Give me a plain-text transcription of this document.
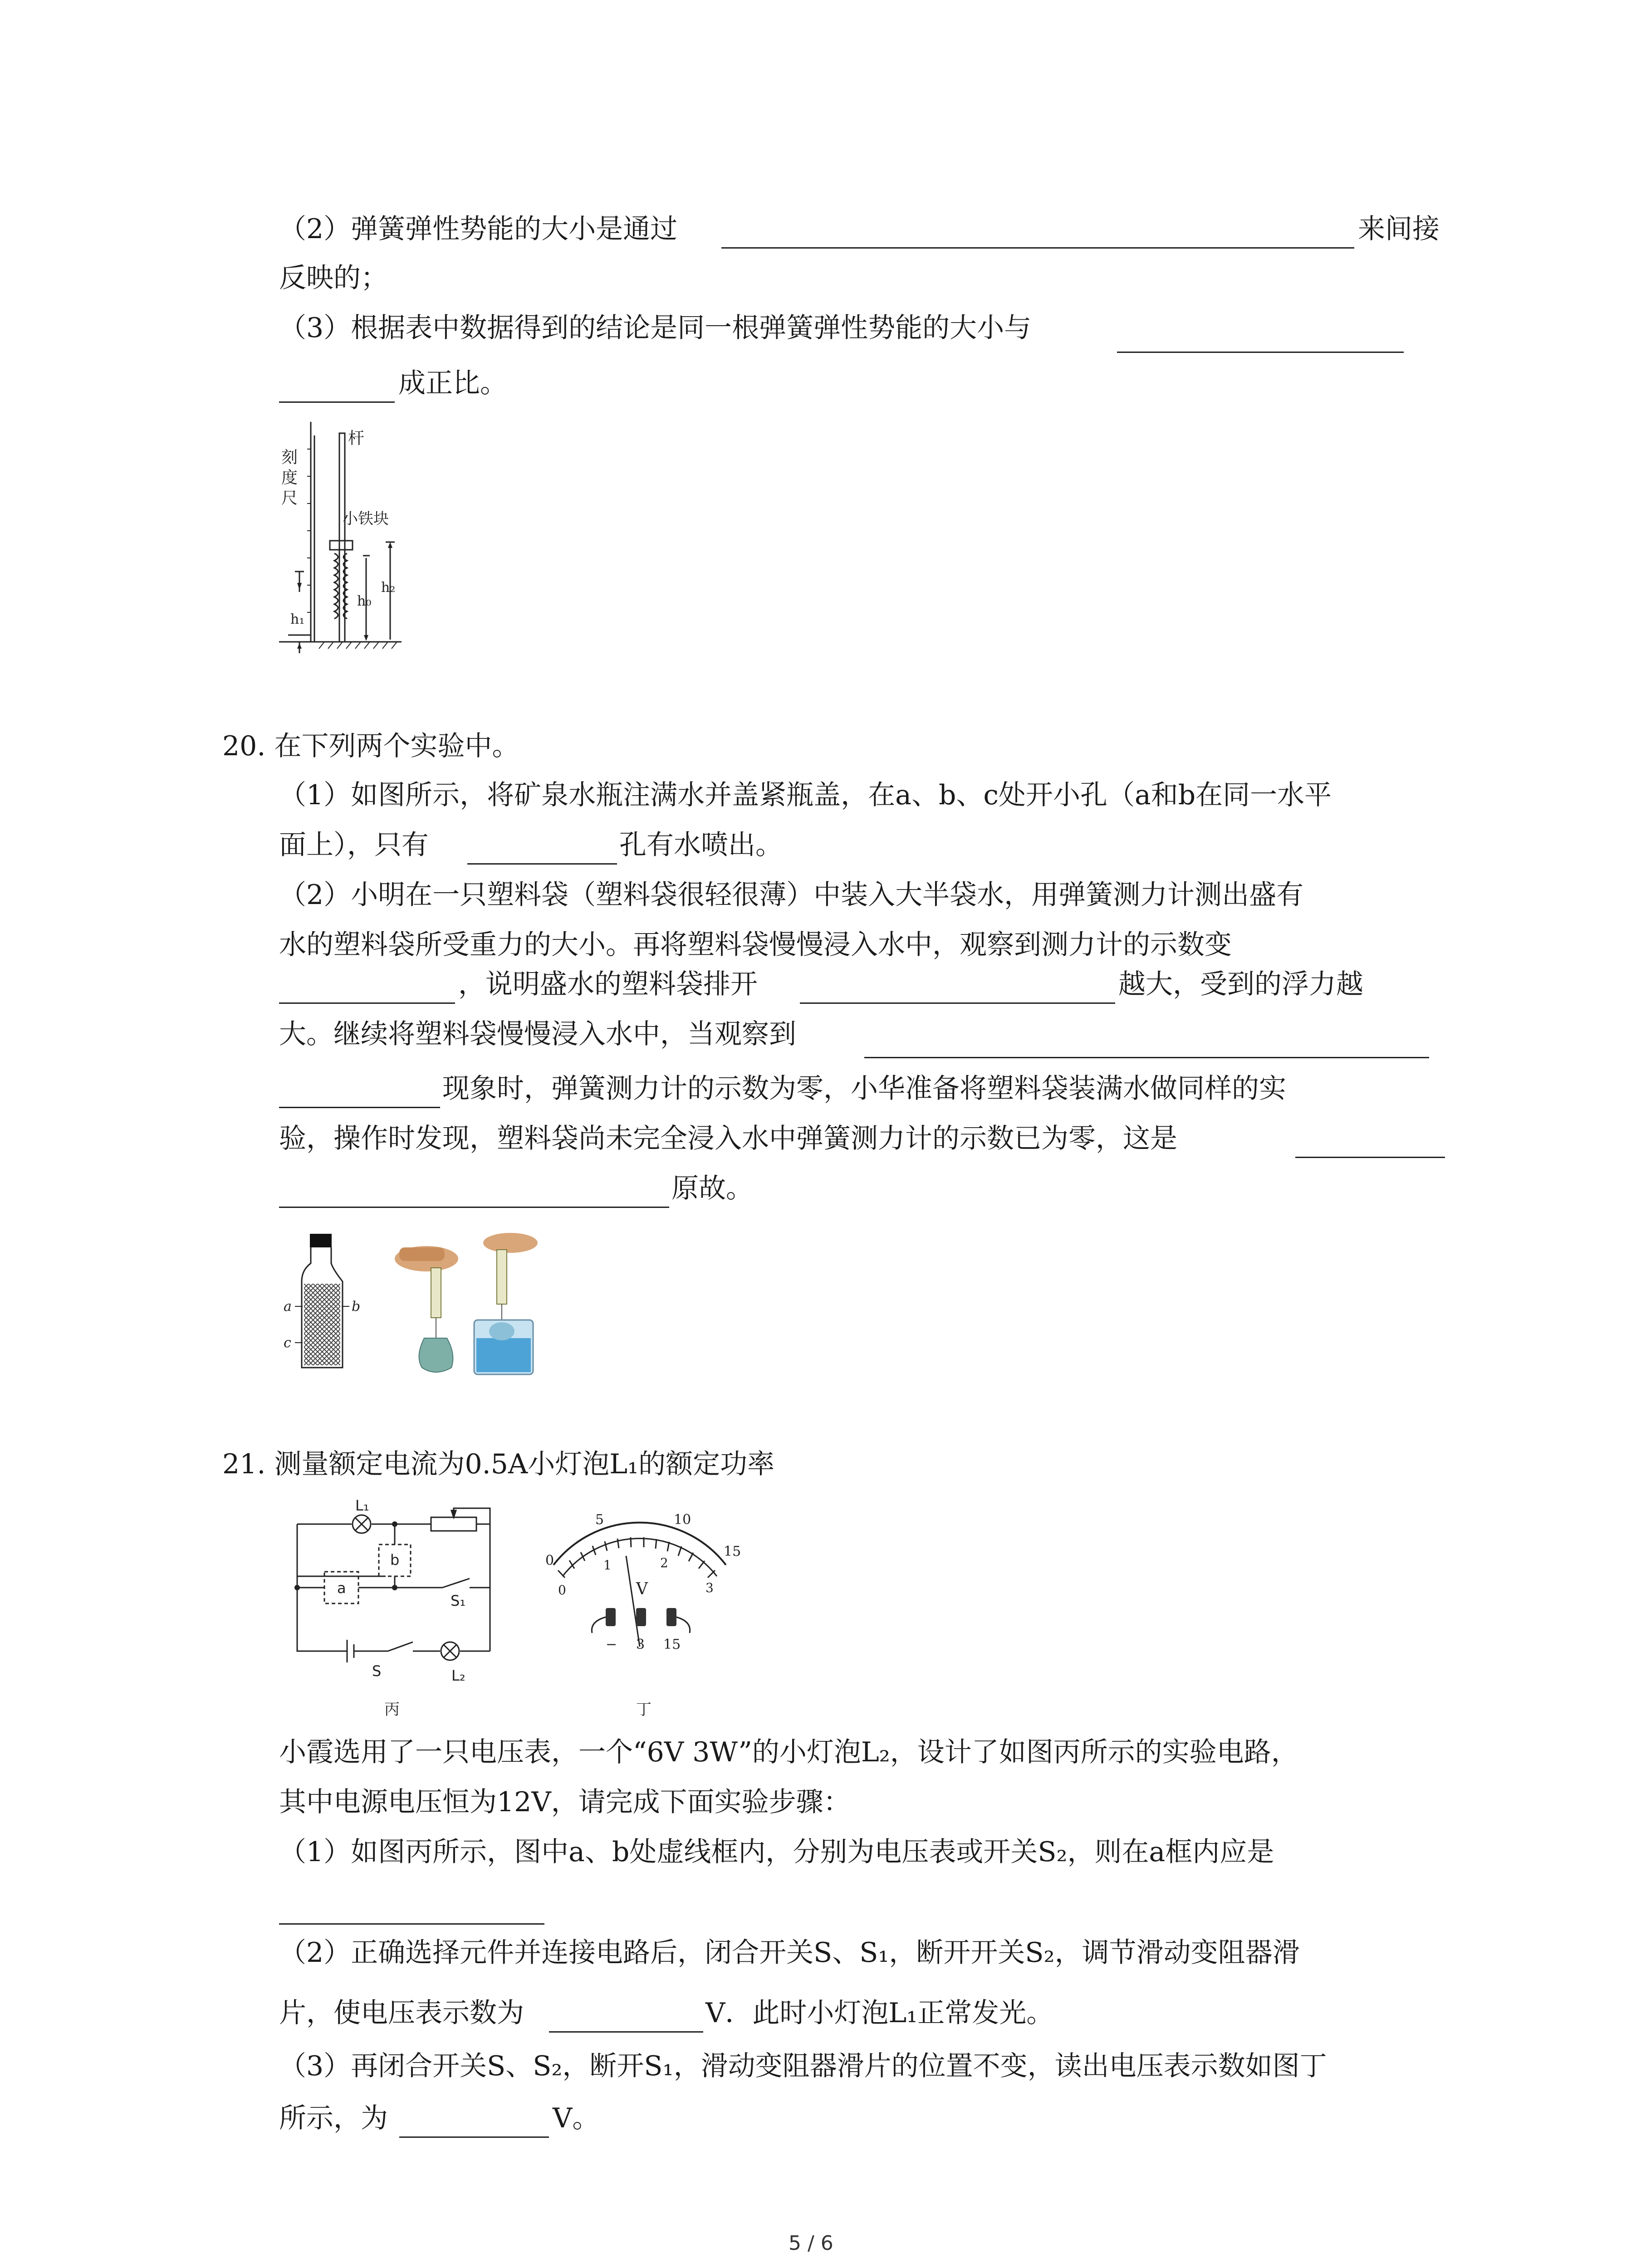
（2）弹簧弹性势能的大小是通过	来间接
反映的；
（3）根据表中数据得到的结论是同一根弹簧弹性势能的大小与
成正比。
刻
度
尺
杆
小铁块
h₁
h₀
h₂
20. 在下列两个实验中。
（1）如图所示，将矿泉水瓶注满水并盖紧瓶盖，在a、b、c处开小孔（a和b在同一水平
面上），只有	孔有水喷出。
（2）小明在一只塑料袋（塑料袋很轻很薄）中装入大半袋水，用弹簧测力计测出盛有
水的塑料袋所受重力的大小。再将塑料袋慢慢浸入水中，观察到测力计的示数变
，说明盛水的塑料袋排开	越大，受到的浮力越
大。继续将塑料袋慢慢浸入水中，当观察到
现象时，弹簧测力计的示数为零，小华准备将塑料袋装满水做同样的实
验，操作时发现，塑料袋尚未完全浸入水中弹簧测力计的示数已为零，这是
原故。
a	b
c
21. 测量额定电流为0.5A小灯泡L₁的额定功率
L₁
b
a
S₁
S	L₂
丙
0
5	10
15
0
1	2
3
V
− 3 15
丁
小霞选用了一只电压表，一个“6V 3W”的小灯泡L₂，设计了如图丙所示的实验电路，
其中电源电压恒为12V，请完成下面实验步骤：
（1）如图丙所示，图中a、b处虚线框内，分别为电压表或开关S₂，则在a框内应是
（2）正确选择元件并连接电路后，闭合开关S、S₁，断开开关S₂，调节滑动变阻器滑
片，使电压表示数为	V．此时小灯泡L₁正常发光。
（3）再闭合开关S、S₂，断开S₁，滑动变阻器滑片的位置不变，读出电压表示数如图丁
所示，为	V。
5 / 6
